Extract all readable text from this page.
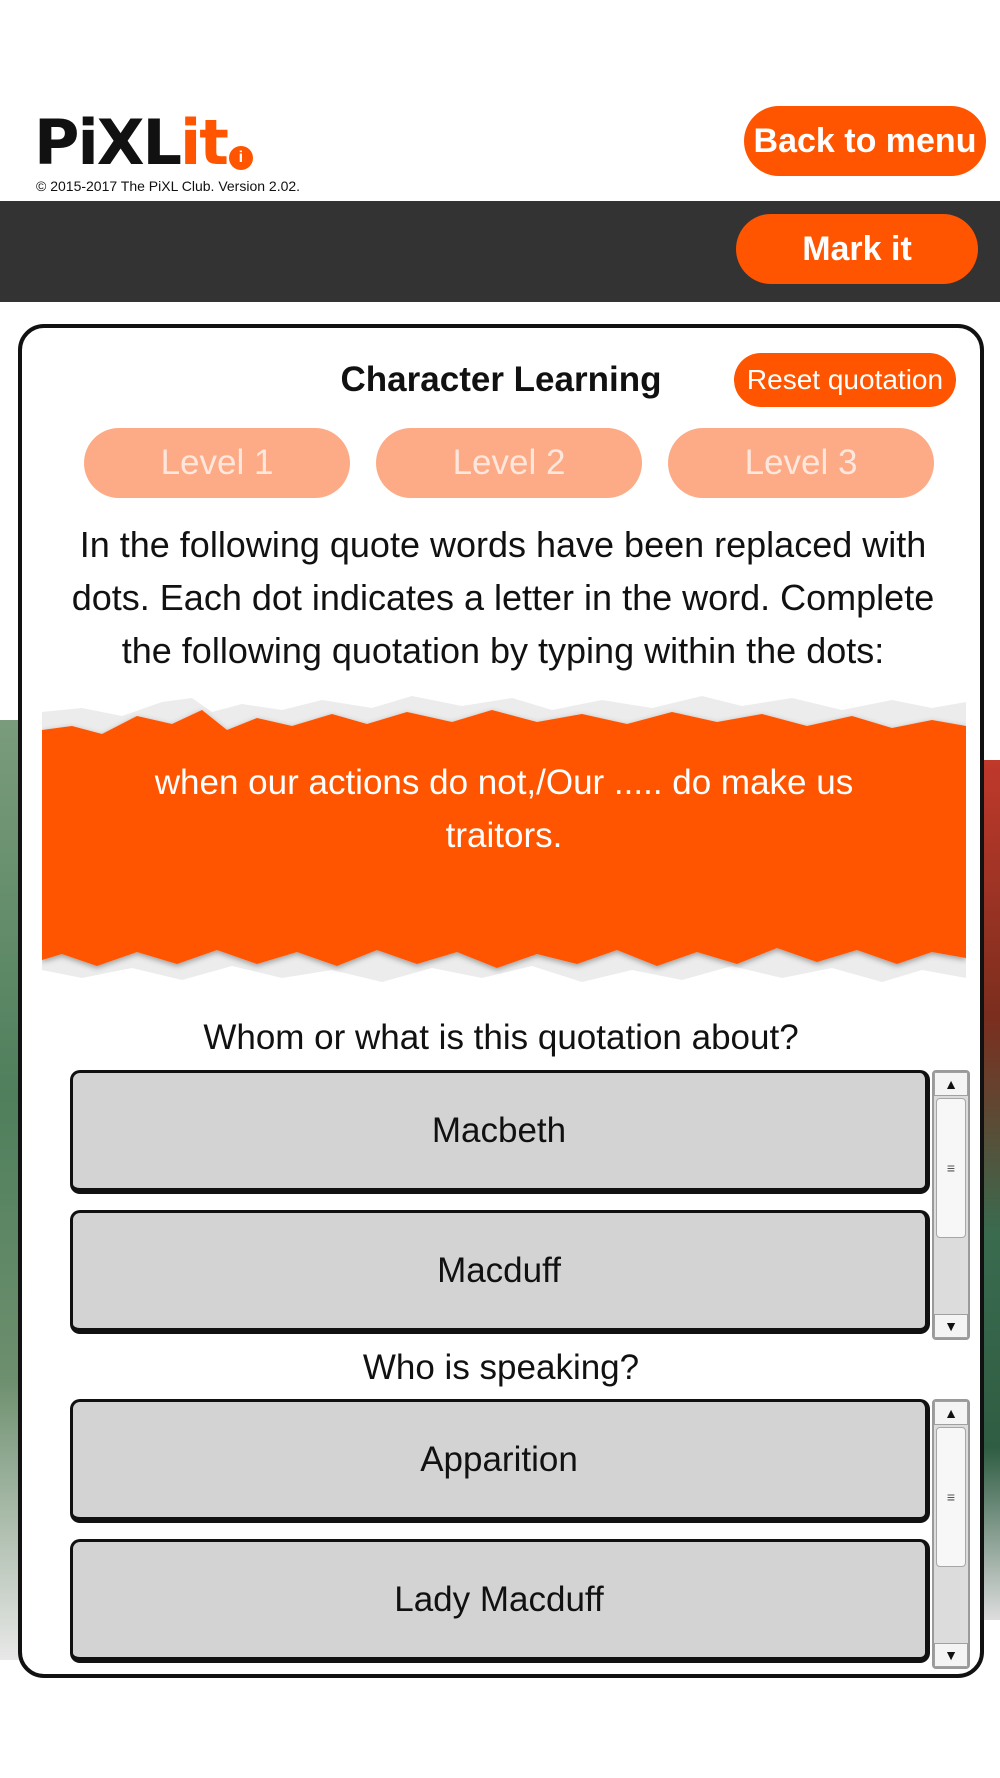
PiXL it i
© 2015-2017 The PiXL Club. Version 2.02.
Back to menu
Mark it
Character Learning
Level 1	Level 2	Level 3
In the following quote words have been replaced with dots. Each dot indicates a letter in the word. Complete the following quotation by typing within the dots:
when our actions do not,/Our ..... do make us traitors.
Whom or what is this quotation about?
Macbeth
Macduff
▲
≡
▼
Who is speaking?
Apparition
Lady Macduff
▲
≡
▼
Reset quotation
